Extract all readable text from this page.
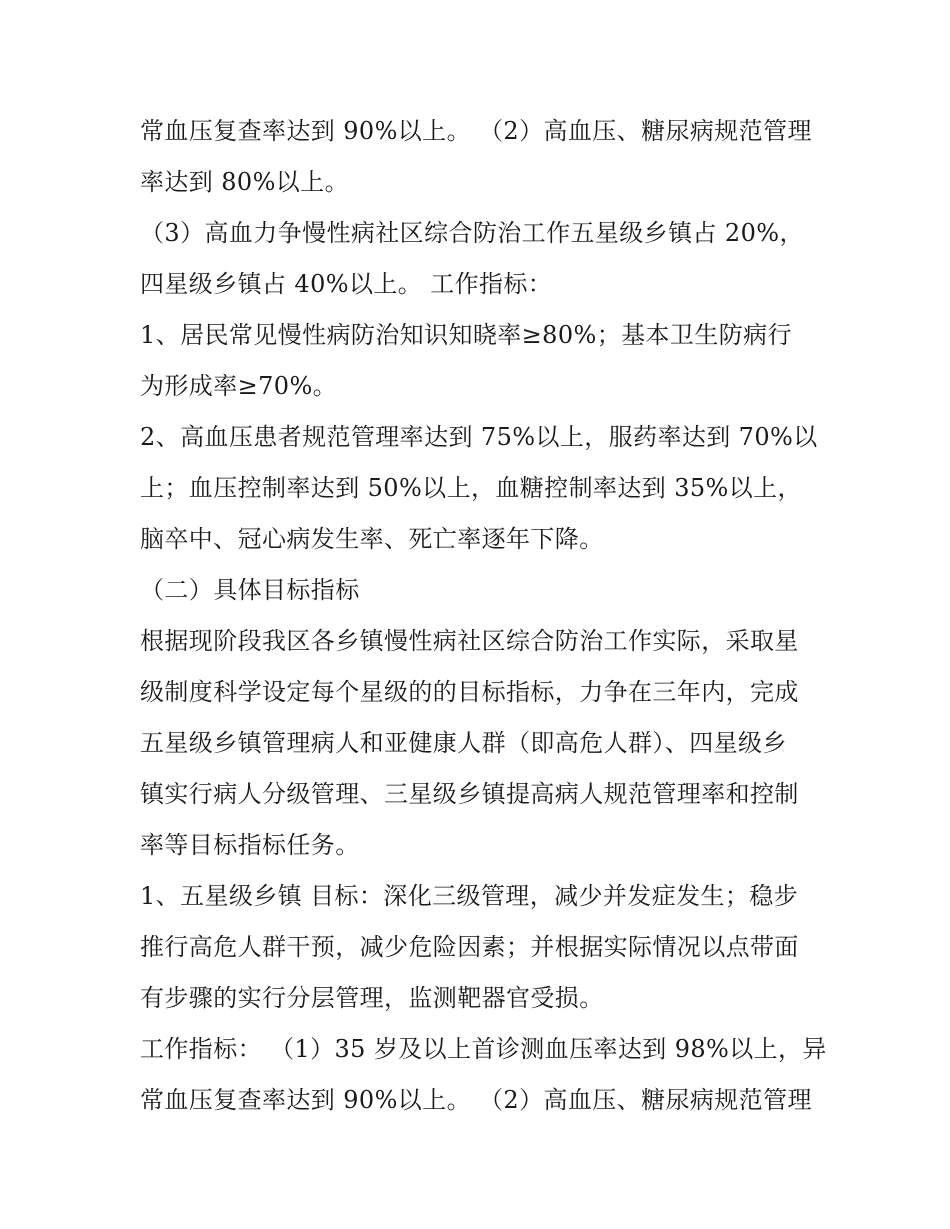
常血压复查率达到 90%以上。 （2）高血压、糖尿病规范管理
率达到 80%以上。
（3）高血力争慢性病社区综合防治工作五星级乡镇占 20%，
四星级乡镇占 40%以上。 工作指标：
1、居民常见慢性病防治知识知晓率≥80%；基本卫生防病行
为形成率≥70%。
2、高血压患者规范管理率达到 75%以上，服药率达到 70%以
上；血压控制率达到 50%以上，血糖控制率达到 35%以上，
脑卒中、冠心病发生率、死亡率逐年下降。
（二）具体目标指标
根据现阶段我区各乡镇慢性病社区综合防治工作实际，采取星
级制度科学设定每个星级的的目标指标，力争在三年内，完成
五星级乡镇管理病人和亚健康人群（即高危人群）、四星级乡
镇实行病人分级管理、三星级乡镇提高病人规范管理率和控制
率等目标指标任务。
1、五星级乡镇 目标：深化三级管理，减少并发症发生；稳步
推行高危人群干预，减少危险因素；并根据实际情况以点带面
有步骤的实行分层管理，监测靶器官受损。
工作指标： （1）35 岁及以上首诊测血压率达到 98%以上，异
常血压复查率达到 90%以上。 （2）高血压、糖尿病规范管理
